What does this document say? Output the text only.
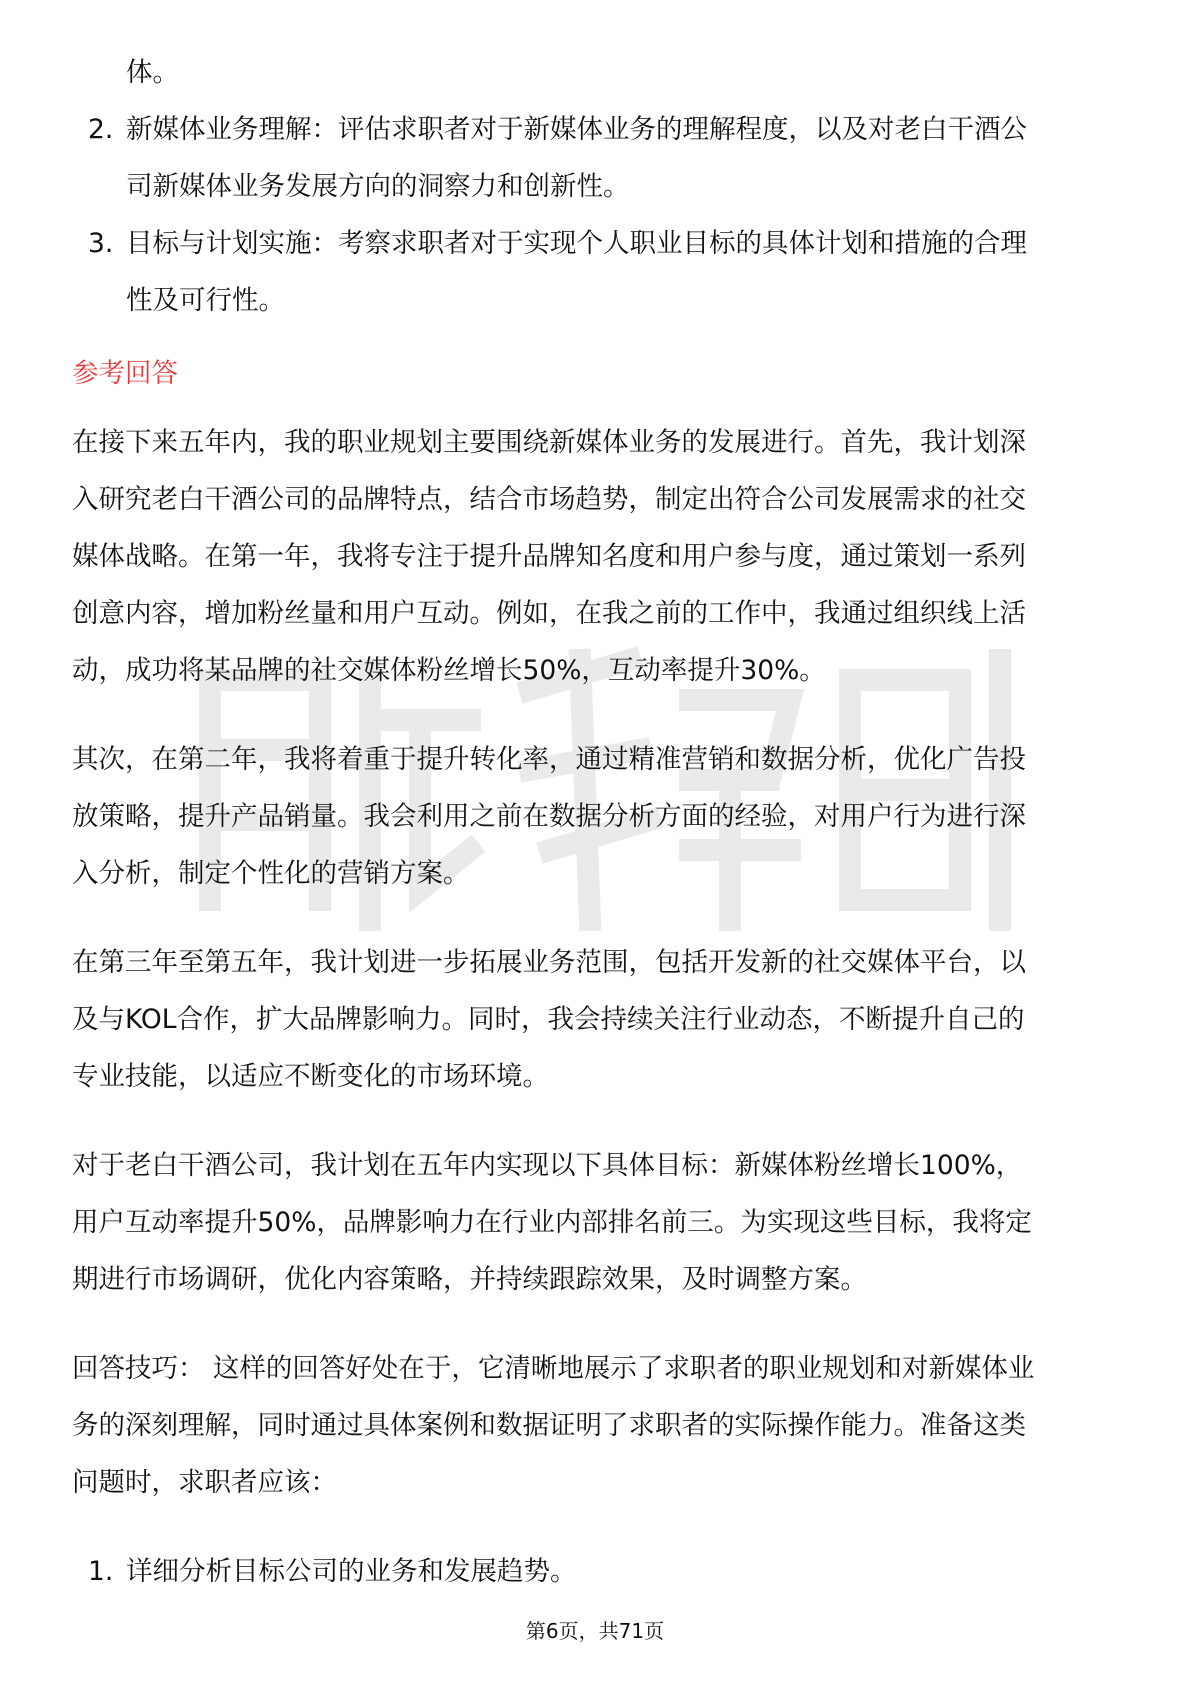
体。

2. 新媒体业务理解：评估求职者对于新媒体业务的理解程度，以及对老白干酒公

司新媒体业务发展方向的洞察力和创新性。

3. 目标与计划实施：考察求职者对于实现个人职业目标的具体计划和措施的合理

性及可行性。

参考回答

在接下来五年内，我的职业规划主要围绕新媒体业务的发展进行。首先，我计划深

入研究老白干酒公司的品牌特点，结合市场趋势，制定出符合公司发展需求的社交

媒体战略。在第一年，我将专注于提升品牌知名度和用户参与度，通过策划一系列

创意内容，增加粉丝量和用户互动。例如，在我之前的工作中，我通过组织线上活

动，成功将某品牌的社交媒体粉丝增长50%，互动率提升30%。

其次，在第二年，我将着重于提升转化率，通过精准营销和数据分析，优化广告投

放策略，提升产品销量。我会利用之前在数据分析方面的经验，对用户行为进行深

入分析，制定个性化的营销方案。

在第三年至第五年，我计划进一步拓展业务范围，包括开发新的社交媒体平台，以

及与KOL合作，扩大品牌影响力。同时，我会持续关注行业动态，不断提升自己的

专业技能，以适应不断变化的市场环境。

对于老白干酒公司，我计划在五年内实现以下具体目标：新媒体粉丝增长100%，

用户互动率提升50%，品牌影响力在行业内部排名前三。为实现这些目标，我将定

期进行市场调研，优化内容策略，并持续跟踪效果，及时调整方案。

回答技巧： 这样的回答好处在于，它清晰地展示了求职者的职业规划和对新媒体业

务的深刻理解，同时通过具体案例和数据证明了求职者的实际操作能力。准备这类

问题时，求职者应该：

1. 详细分析目标公司的业务和发展趋势。

第6页，共71页
